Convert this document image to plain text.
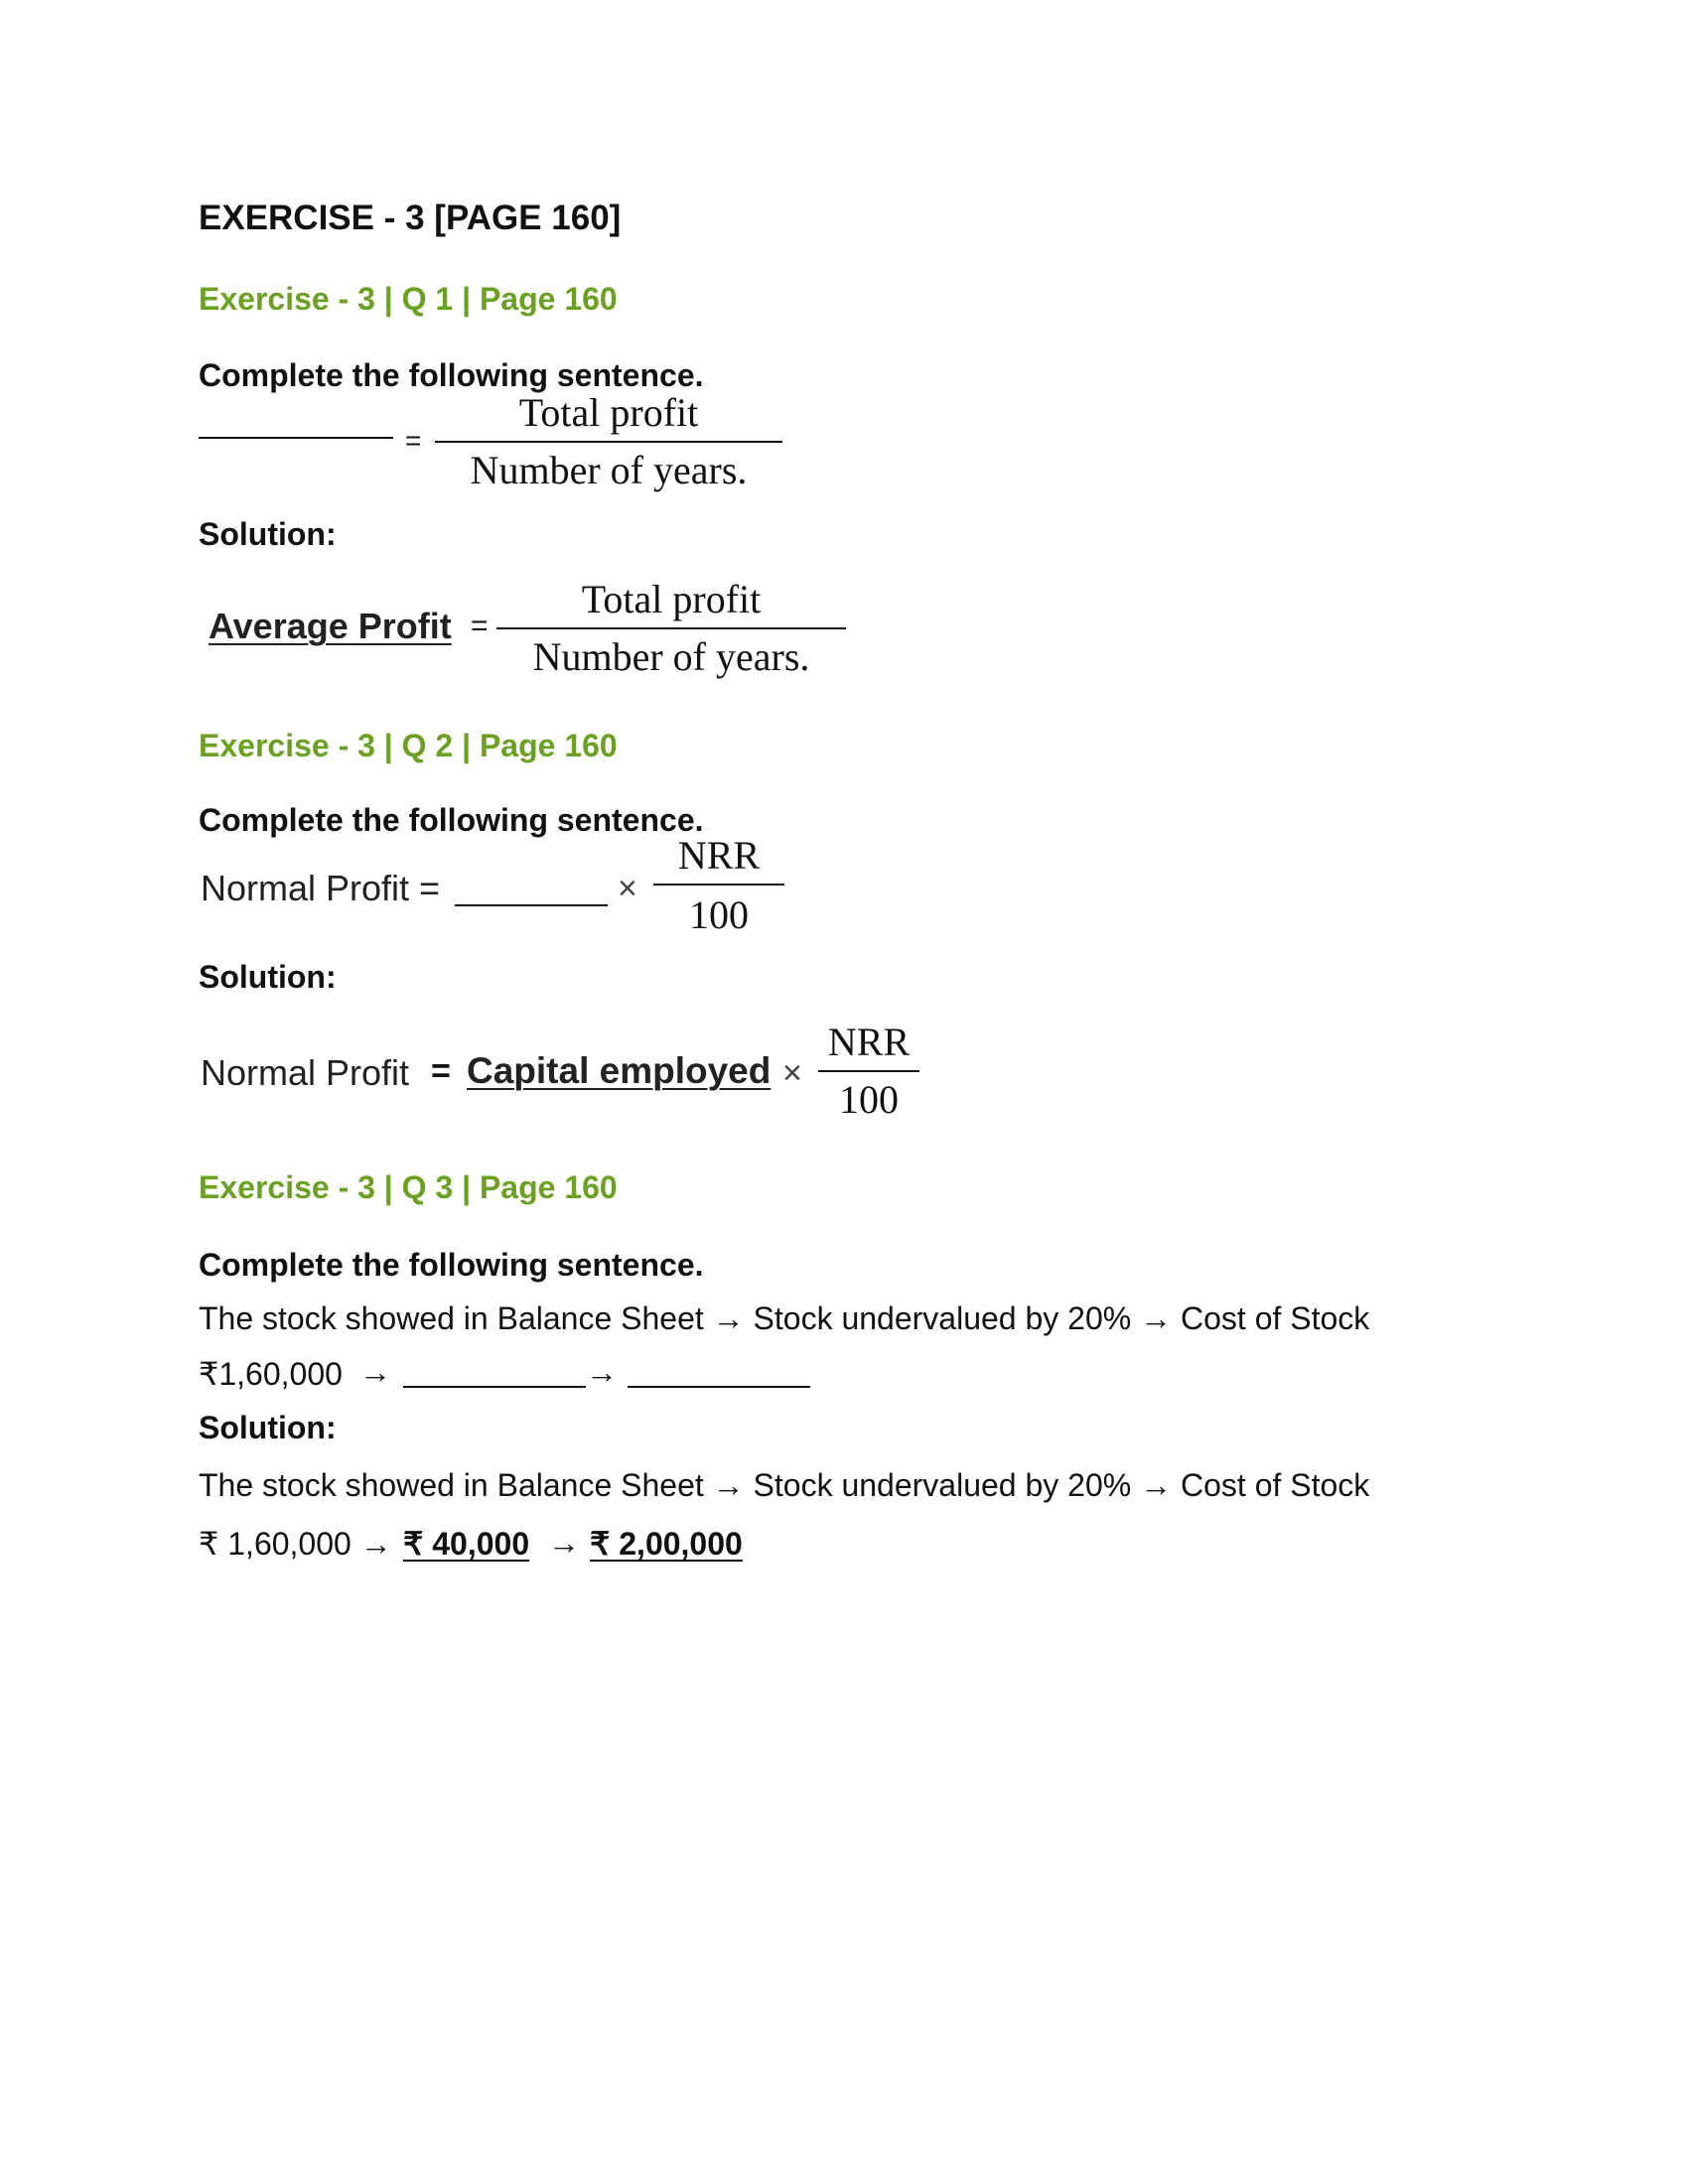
EXERCISE - 3 [PAGE 160]
Exercise - 3 | Q 1 | Page 160
Complete the following sentence.
=
Total profit
Number of years.
Solution:
Average Profit =
Total profit
Number of years.
Exercise - 3 | Q 2 | Page 160
Complete the following sentence.
Normal Profit =	×
NRR
100
Solution:
Normal Profit = Capital employed ×
NRR
100
Exercise - 3 | Q 3 | Page 160
Complete the following sentence.
The stock showed in Balance Sheet → Stock undervalued by 20% → Cost of Stock
₹1,60,000 →	→
Solution:
The stock showed in Balance Sheet → Stock undervalued by 20% → Cost of Stock
₹ 1,60,000 → ₹ 40,000 → ₹ 2,00,000
